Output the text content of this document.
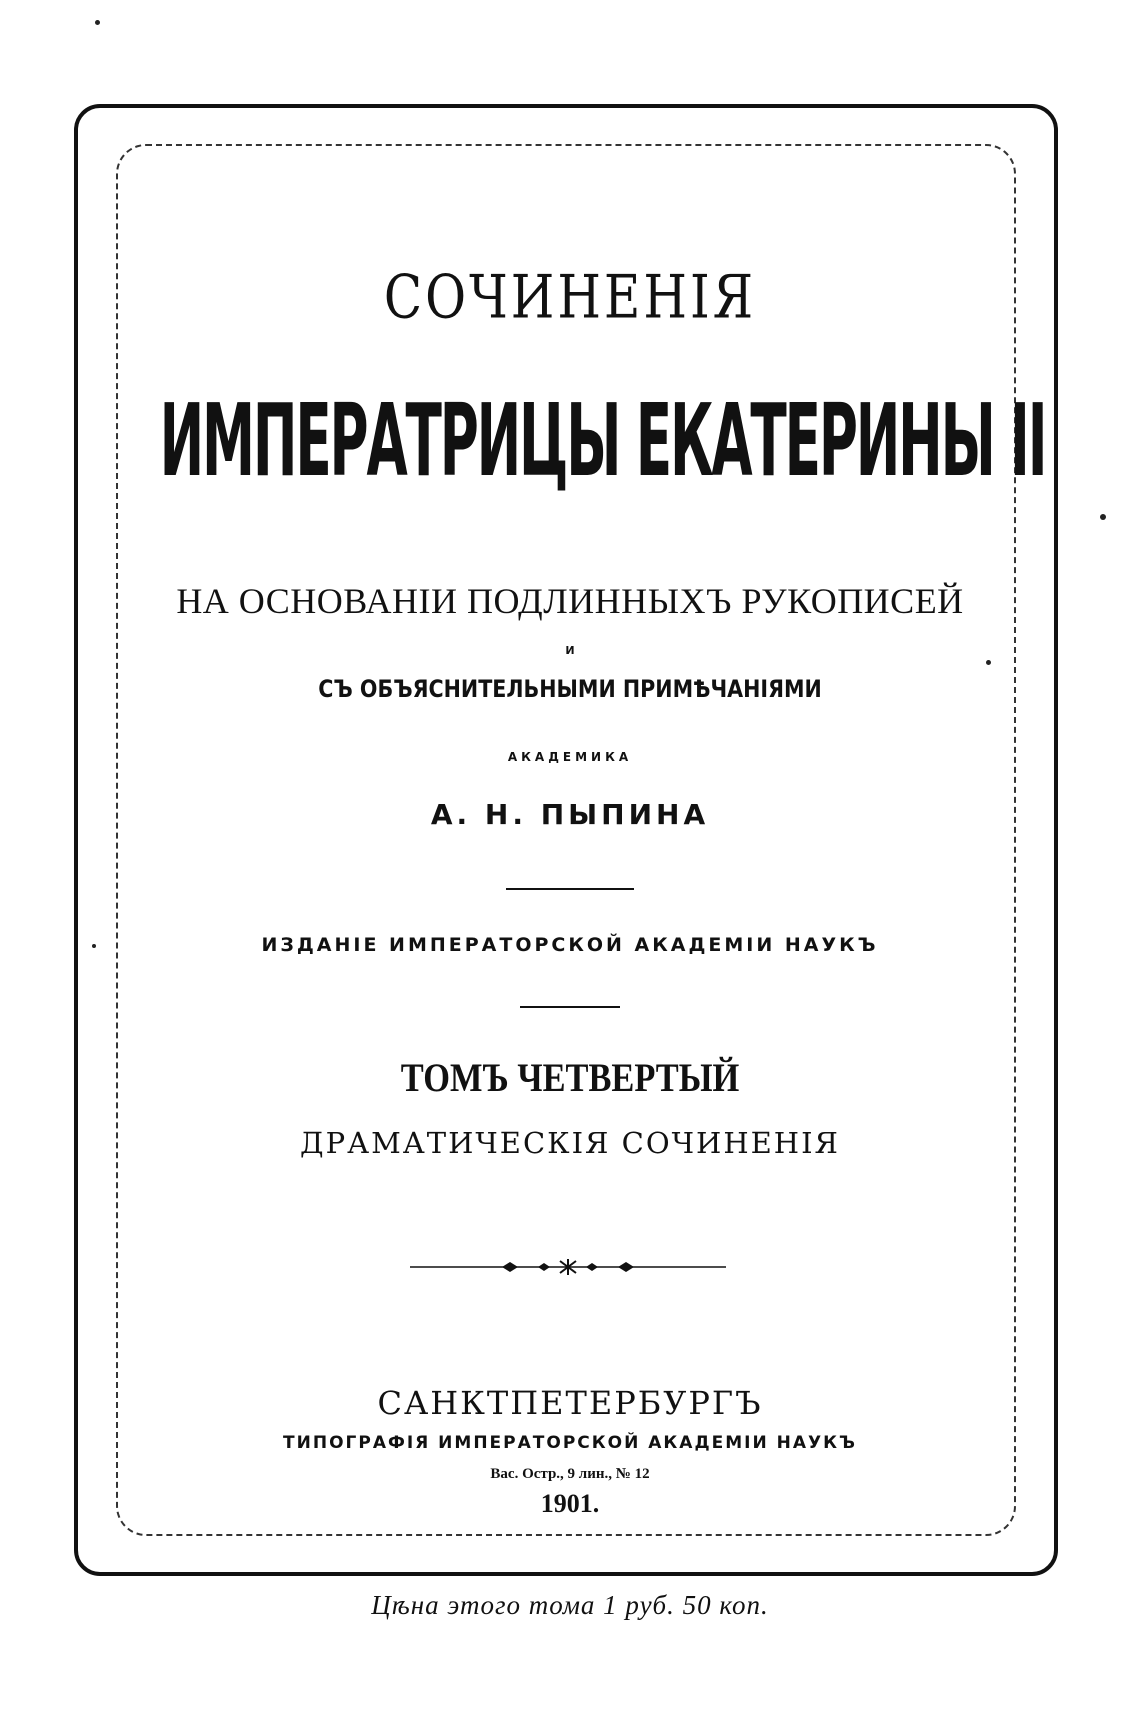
СОЧИНЕНІЯ
ИМПЕРАТРИЦЫ ЕКАТЕРИНЫ II
НА ОСНОВАНІИ ПОДЛИННЫХЪ РУКОПИСЕЙ
И
СЪ ОБЪЯСНИТЕЛЬНЫМИ ПРИМѢЧАНІЯМИ
АКАДЕМИКА
А. Н. ПЫПИНА
ИЗДАНІЕ ИМПЕРАТОРСКОЙ АКАДЕМІИ НАУКЪ
ТОМЪ ЧЕТВЕРТЫЙ
ДРАМАТИЧЕСКІЯ СОЧИНЕНІЯ
САНКТПЕТЕРБУРГЪ
ТИПОГРАФІЯ ИМПЕРАТОРСКОЙ АКАДЕМІИ НАУКЪ
Вас. Остр., 9 лин., № 12
1901.
Цѣна этого тома 1 руб. 50 коп.
